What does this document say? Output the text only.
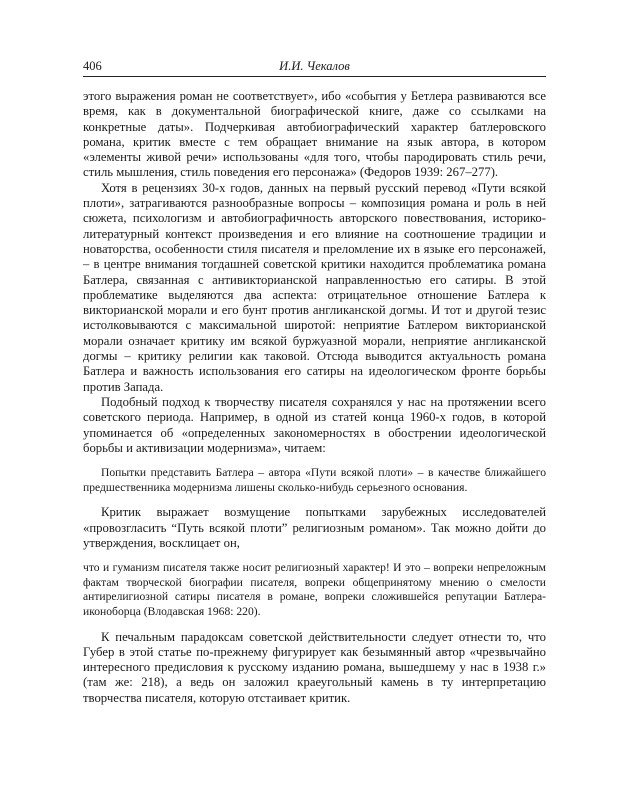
406	И.И. Чекалов

этого выражения роман не соответствует», ибо «события у Бетлера развиваются все время, как в документальной биографической книге, даже со ссылками на конкретные даты». Подчеркивая автобиографический характер батлеровского романа, критик вместе с тем обращает внимание на язык автора, в котором «элементы живой речи» использованы «для того, чтобы пародировать стиль речи, стиль мышления, стиль поведения его персонажа» (Федоров 1939: 267–277).

Хотя в рецензиях 30-х годов, данных на первый русский перевод «Пути всякой плоти», затрагиваются разнообразные вопросы – композиция романа и роль в ней сюжета, психологизм и автобиографичность авторского повествования, историко-литературный контекст произведения и его влияние на соотношение традиции и новаторства, особенности стиля писателя и преломление их в языке его персонажей, – в центре внимания тогдашней советской критики находится проблематика романа Батлера, связанная с антивикторианской направленностью его сатиры. В этой проблематике выделяются два аспекта: отрицательное отношение Батлера к викторианской морали и его бунт против англиканской догмы. И тот и другой тезис истолковываются с максимальной широтой: неприятие Батлером викторианской морали означает критику им всякой буржуазной морали, неприятие англиканской догмы – критику религии как таковой. Отсюда выводится актуальность романа Батлера и важность использования его сатиры на идеологическом фронте борьбы против Запада.

Подобный подход к творчеству писателя сохранялся у нас на протяжении всего советского периода. Например, в одной из статей конца 1960-х годов, в которой упоминается об «определенных закономерностях в обострении идеологической борьбы и активизации модернизма», читаем:

Попытки представить Батлера – автора «Пути всякой плоти» – в качестве ближайшего предшественника модернизма лишены сколько-нибудь серьезного основания.

Критик выражает возмущение попытками зарубежных исследователей «провозгласить “Путь всякой плоти” религиозным романом». Так можно дойти до утверждения, восклицает он,

что и гуманизм писателя также носит религиозный характер! И это – вопреки непреложным фактам творческой биографии писателя, вопреки общепринятому мнению о смелости антирелигиозной сатиры писателя в романе, вопреки сложившейся репутации Батлера-иконоборца (Влодавская 1968: 220).

К печальным парадоксам советской действительности следует отнести то, что Губер в этой статье по-прежнему фигурирует как безымянный автор «чрезвычайно интересного предисловия к русскому изданию романа, вышедшему у нас в 1938 г.» (там же: 218), а ведь он заложил краеугольный камень в ту интерпретацию творчества писателя, которую отстаивает критик.
